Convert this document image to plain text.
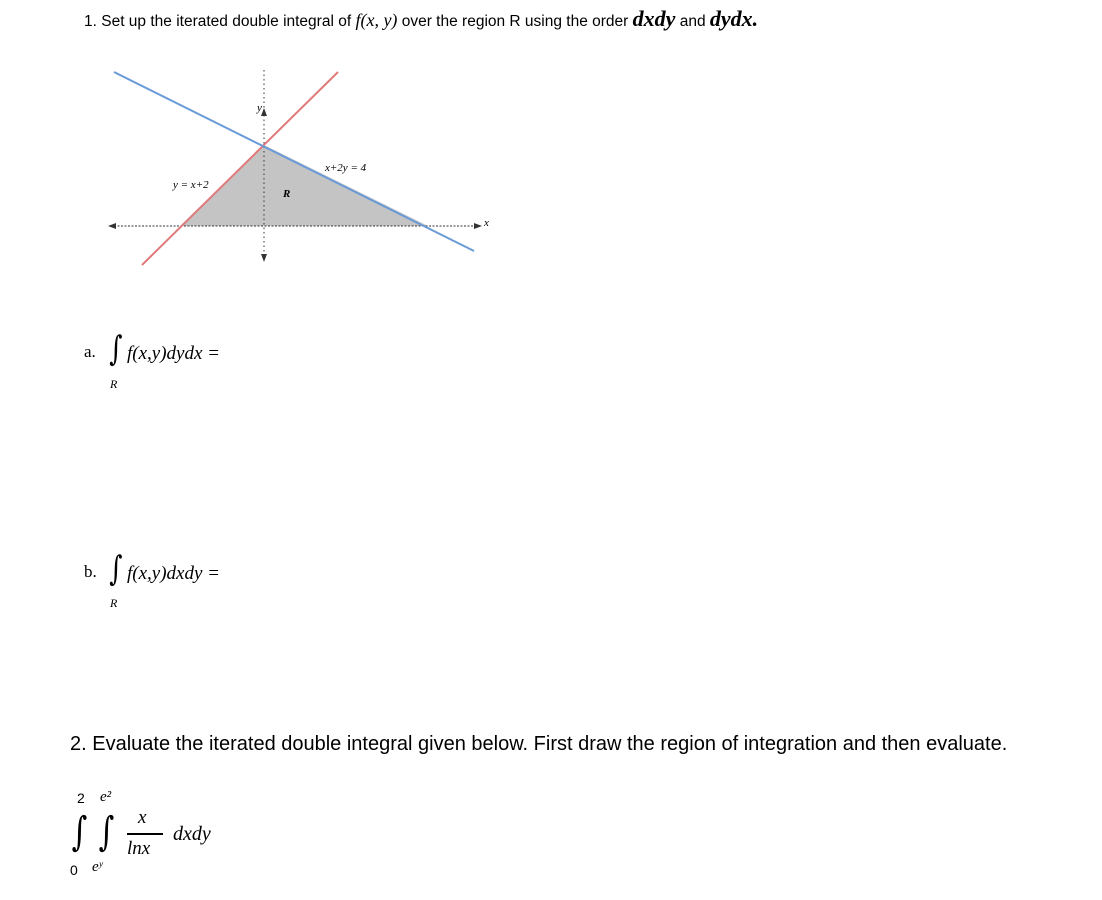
1. Set up the iterated double integral of f(x, y) over the region R using the order dxdy and dydx.
y
x
y = x+2
x+2y = 4
R
a. ∫ f(x,y)dydx =
R
b. ∫ f(x,y)dxdy =
R
2. Evaluate the iterated double integral given below. First draw the region of integration and then evaluate.
2 e²
∫ ∫
0 eʸ
x
lnx
dxdy
